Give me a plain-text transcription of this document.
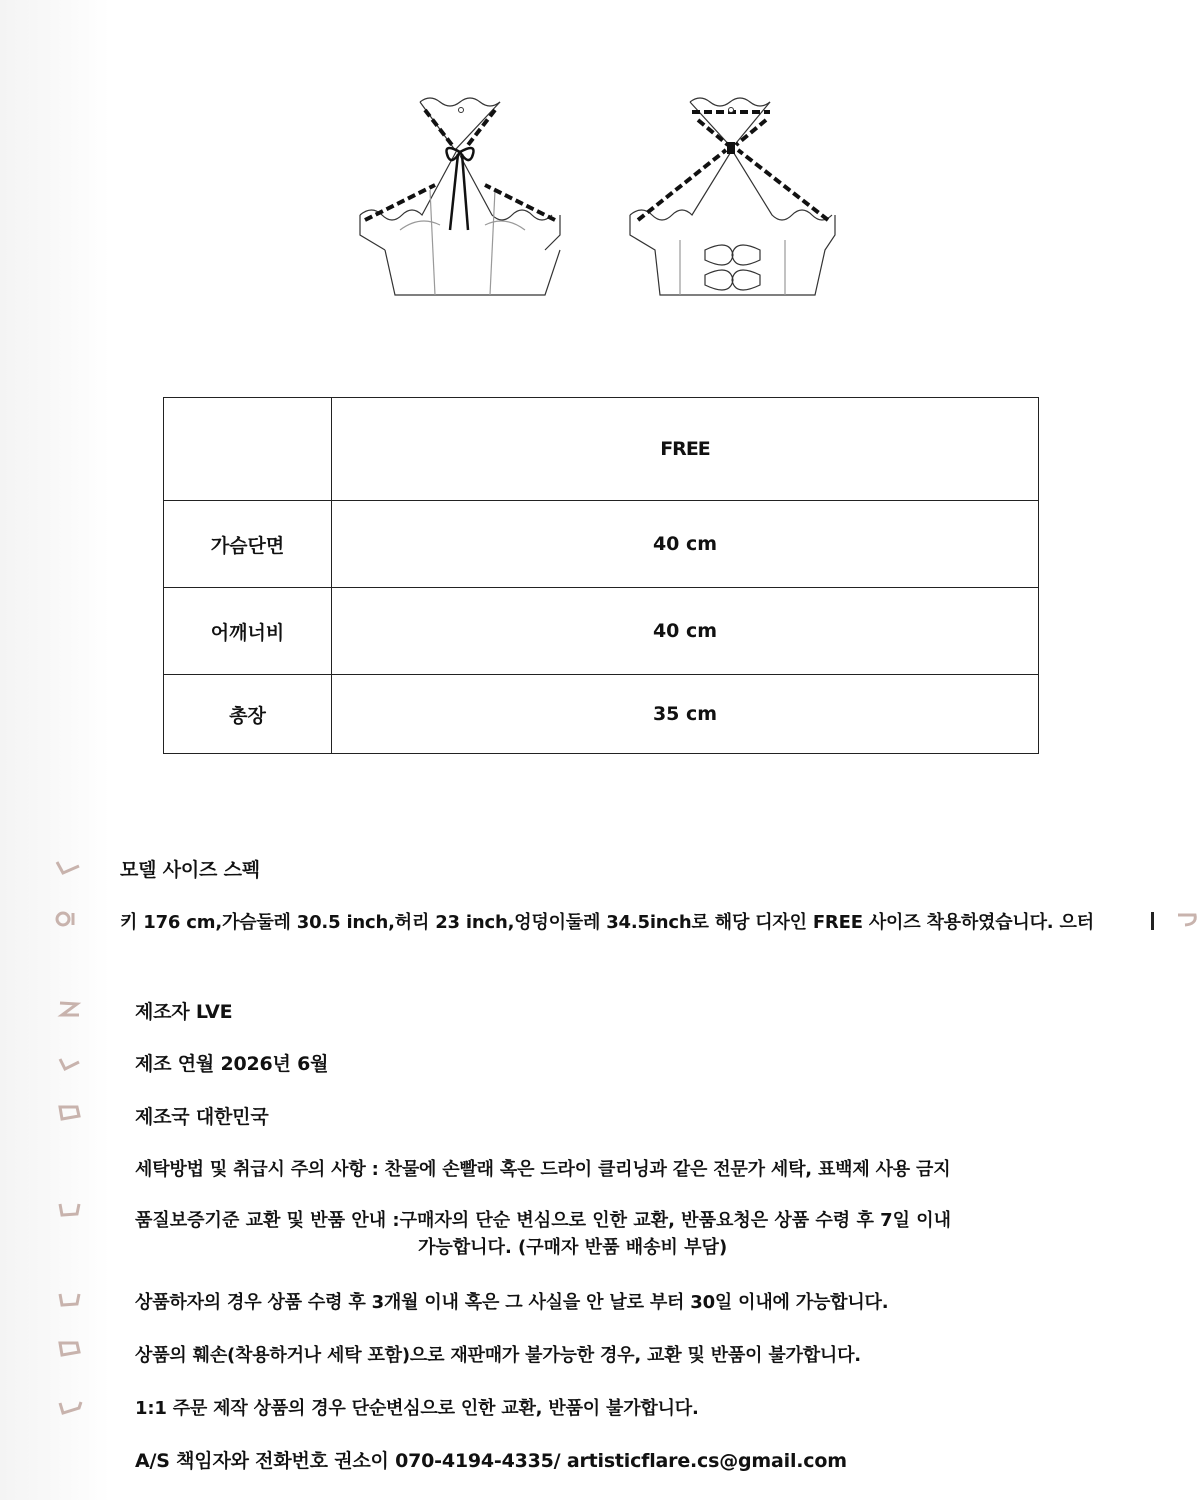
	FREE
가슴단면	40 cm
어깨너비	40 cm
총장	35 cm
모델 사이즈 스펙
키 176 cm,가슴둘레 30.5 inch,허리 23 inch,엉덩이둘레 34.5inch로 해당 디자인 FREE 사이즈 착용하였습니다. 으터
제조자 LVE
제조 연월 2026년 6월
제조국 대한민국
세탁방법 및 취급시 주의 사항 : 찬물에 손빨래 혹은 드라이 클리닝과 같은 전문가 세탁, 표백제 사용 금지
품질보증기준 교환 및 반품 안내 :구매자의 단순 변심으로 인한 교환, 반품요청은 상품 수령 후 7일 이내
가능합니다. (구매자 반품 배송비 부담)
상품하자의 경우 상품 수령 후 3개월 이내 혹은 그 사실을 안 날로 부터 30일 이내에 가능합니다.
상품의 훼손(착용하거나 세탁 포함)으로 재판매가 불가능한 경우, 교환 및 반품이 불가합니다.
1:1 주문 제작 상품의 경우 단순변심으로 인한 교환, 반품이 불가합니다.
A/S 책임자와 전화번호 권소이 070-4194-4335/ artisticflare.cs@gmail.com
